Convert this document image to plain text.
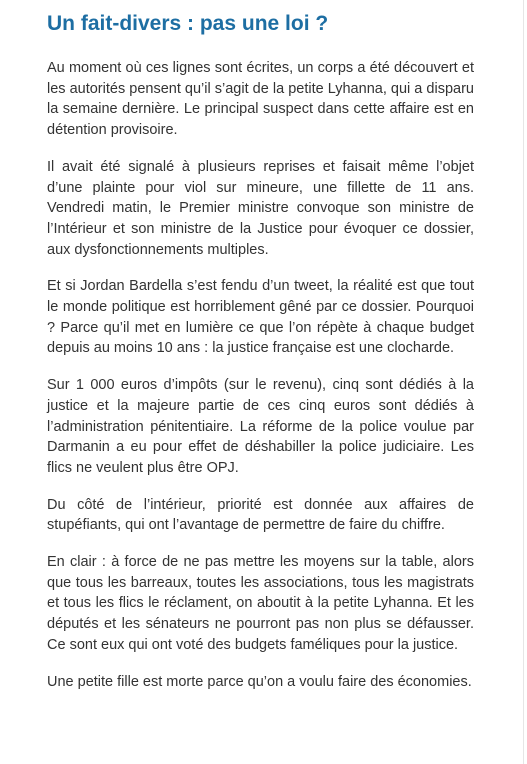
Un fait-divers : pas une loi ?

Au moment où ces lignes sont écrites, un corps a été découvert et les autorités pensent qu’il s’agit de la petite Lyhanna, qui a disparu la semaine dernière. Le principal suspect dans cette affaire est en détention provisoire.

Il avait été signalé à plusieurs reprises et faisait même l’objet d’une plainte pour viol sur mineure, une fillette de 11 ans. Vendredi matin, le Premier ministre convoque son ministre de l’Intérieur et son ministre de la Justice pour évoquer ce dossier, aux dysfonctionnements multiples.

Et si Jordan Bardella s’est fendu d’un tweet, la réalité est que tout le monde politique est horriblement gêné par ce dossier. Pourquoi ? Parce qu’il met en lumière ce que l’on répète à chaque budget depuis au moins 10 ans : la justice française est une clocharde.

Sur 1 000 euros d’impôts (sur le revenu), cinq sont dédiés à la justice et la majeure partie de ces cinq euros sont dédiés à l’administration pénitentiaire. La réforme de la police voulue par Darmanin a eu pour effet de déshabiller la police judiciaire. Les flics ne veulent plus être OPJ.

Du côté de l’intérieur, priorité est donnée aux affaires de stupéfiants, qui ont l’avantage de permettre de faire du chiffre.

En clair : à force de ne pas mettre les moyens sur la table, alors que tous les barreaux, toutes les associations, tous les magistrats et tous les flics le réclament, on aboutit à la petite Lyhanna. Et les députés et les sénateurs ne pourront pas non plus se défausser. Ce sont eux qui ont voté des budgets faméliques pour la justice.

Une petite fille est morte parce qu’on a voulu faire des économies.
